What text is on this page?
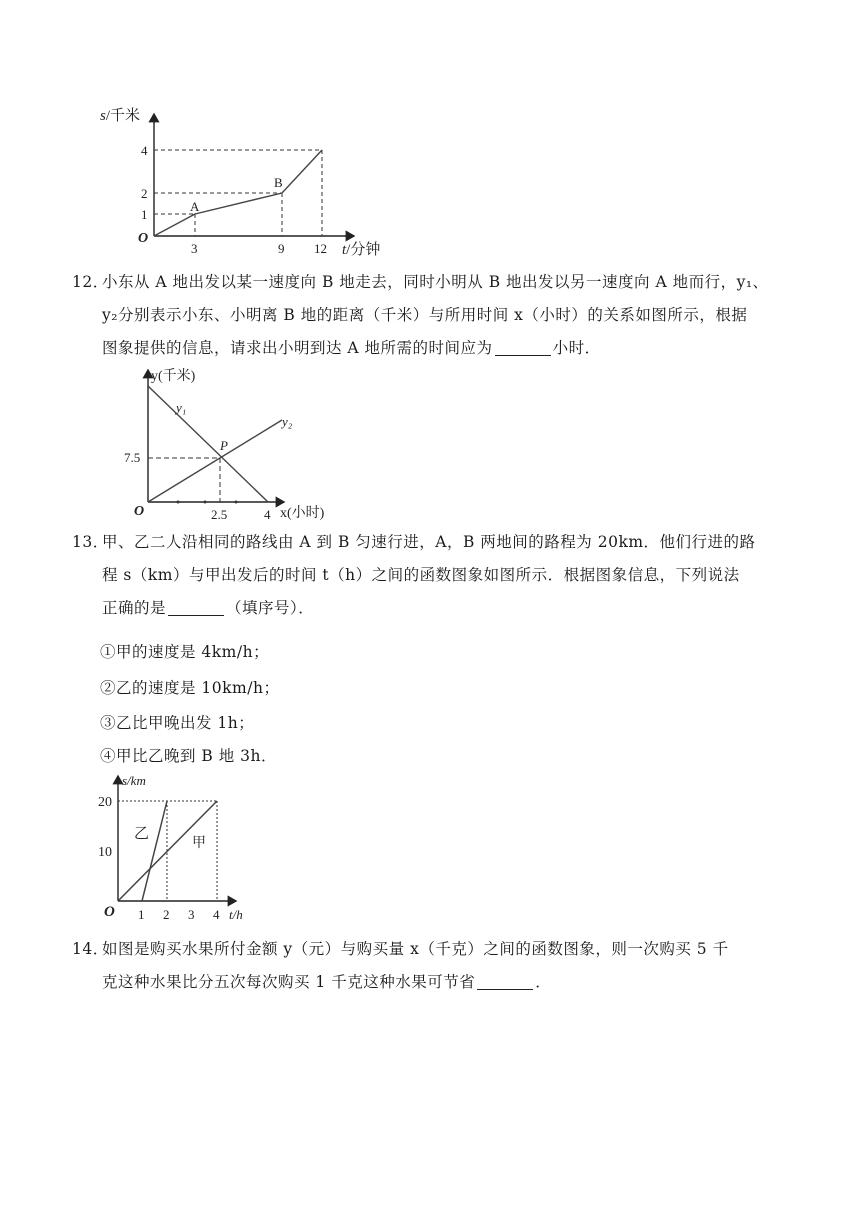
s/千米
4
2
1
O
3	9 12 t/分钟
A
B
12．小东从 A 地出发以某一速度向 B 地走去，同时小明从 B 地出发以另一速度向 A 地而行，y₁、
y₂分别表示小东、小明离 B 地的距离（千米）与所用时间 x（小时）的关系如图所示，根据
图象提供的信息，请求出小明到达 A 地所需的时间应为	小时．
y(千米)
y₁
y₂
P
7.5
O	2.5	4 x(小时)
13．甲、乙二人沿相同的路线由 A 到 B 匀速行进，A，B 两地间的路程为 20km．他们行进的路
程 s（km）与甲出发后的时间 t（h）之间的函数图象如图所示．根据图象信息，下列说法
正确的是	（填序号）．
①甲的速度是 4km/h；
②乙的速度是 10km/h；
③乙比甲晚出发 1h；
④甲比乙晚到 B 地 3h．
s/km
20
10
乙
甲
O 1 2 3 4 t/h
14．如图是购买水果所付金额 y（元）与购买量 x（千克）之间的函数图象，则一次购买 5 千
克这种水果比分五次每次购买 1 千克这种水果可节省	．
